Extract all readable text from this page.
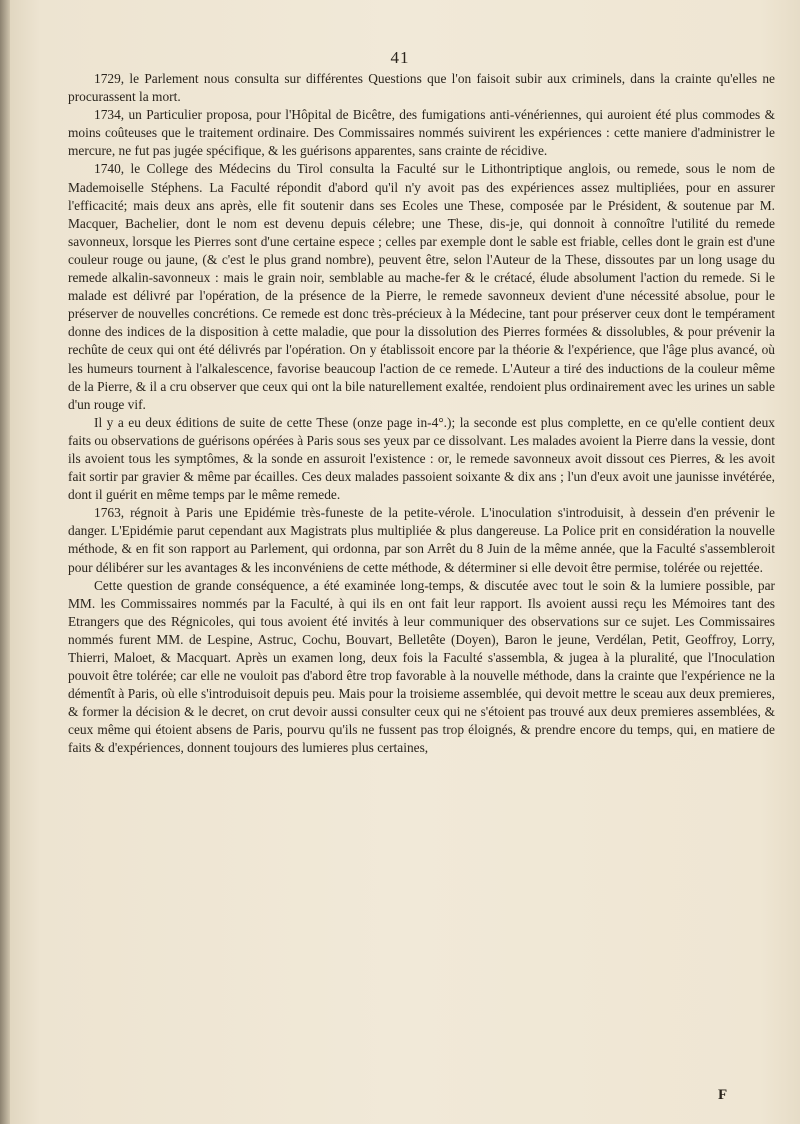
41

1729, le Parlement nous consulta sur différentes Questions que l'on faisoit subir aux criminels, dans la crainte qu'elles ne procurassent la mort.

1734, un Particulier proposa, pour l'Hôpital de Bicêtre, des fumigations anti-vénériennes, qui auroient été plus commodes & moins coûteuses que le traitement ordinaire. Des Commissaires nommés suivirent les expériences : cette maniere d'administrer le mercure, ne fut pas jugée spécifique, & les guérisons apparentes, sans crainte de récidive.

1740, le College des Médecins du Tirol consulta la Faculté sur le Lithontriptique anglois, ou remede, sous le nom de Mademoiselle Stéphens. La Faculté répondit d'abord qu'il n'y avoit pas des expériences assez multipliées, pour en assurer l'efficacité; mais deux ans après, elle fit soutenir dans ses Ecoles une These, composée par le Président, & soutenue par M. Macquer, Bachelier, dont le nom est devenu depuis célebre; une These, dis-je, qui donnoit à connoître l'utilité du remede savonneux, lorsque les Pierres sont d'une certaine espece ; celles par exemple dont le sable est friable, celles dont le grain est d'une couleur rouge ou jaune, (& c'est le plus grand nombre), peuvent être, selon l'Auteur de la These, dissoutes par un long usage du remede alkalin-savonneux : mais le grain noir, semblable au mache-fer & le crétacé, élude absolument l'action du remede. Si le malade est délivré par l'opération, de la présence de la Pierre, le remede savonneux devient d'une nécessité absolue, pour le préserver de nouvelles concrétions. Ce remede est donc très-précieux à la Médecine, tant pour préserver ceux dont le tempérament donne des indices de la disposition à cette maladie, que pour la dissolution des Pierres formées & dissolubles, & pour prévenir la rechûte de ceux qui ont été délivrés par l'opération. On y établissoit encore par la théorie & l'expérience, que l'âge plus avancé, où les humeurs tournent à l'alkalescence, favorise beaucoup l'action de ce remede. L'Auteur a tiré des inductions de la couleur même de la Pierre, & il a cru observer que ceux qui ont la bile naturellement exaltée, rendoient plus ordinairement avec les urines un sable d'un rouge vif.

Il y a eu deux éditions de suite de cette These (onze page in-4°.); la seconde est plus complette, en ce qu'elle contient deux faits ou observations de guérisons opérées à Paris sous ses yeux par ce dissolvant. Les malades avoient la Pierre dans la vessie, dont ils avoient tous les symptômes, & la sonde en assuroit l'existence : or, le remede savonneux avoit dissout ces Pierres, & les avoit fait sortir par gravier & même par écailles. Ces deux malades passoient soixante & dix ans ; l'un d'eux avoit une jaunisse invétérée, dont il guérit en même temps par le même remede.

1763, régnoit à Paris une Epidémie très-funeste de la petite-vérole. L'inoculation s'introduisit, à dessein d'en prévenir le danger. L'Epidémie parut cependant aux Magistrats plus multipliée & plus dangereuse. La Police prit en considération la nouvelle méthode, & en fit son rapport au Parlement, qui ordonna, par son Arrêt du 8 Juin de la même année, que la Faculté s'assembleroit pour délibérer sur les avantages & les inconvéniens de cette méthode, & déterminer si elle devoit être permise, tolérée ou rejettée.

Cette question de grande conséquence, a été examinée long-temps, & discutée avec tout le soin & la lumiere possible, par MM. les Commissaires nommés par la Faculté, à qui ils en ont fait leur rapport. Ils avoient aussi reçu les Mémoires tant des Etrangers que des Régnicoles, qui tous avoient été invités à leur communiquer des observations sur ce sujet. Les Commissaires nommés furent MM. de Lespine, Astruc, Cochu, Bouvart, Belletête (Doyen), Baron le jeune, Verdélan, Petit, Geoffroy, Lorry, Thierri, Maloet, & Macquart. Après un examen long, deux fois la Faculté s'assembla, & jugea à la pluralité, que l'Inoculation pouvoit être tolérée; car elle ne vouloit pas d'abord être trop favorable à la nouvelle méthode, dans la crainte que l'expérience ne la démentît à Paris, où elle s'introduisoit depuis peu. Mais pour la troisieme assemblée, qui devoit mettre le sceau aux deux premieres, & former la décision & le decret, on crut devoir aussi consulter ceux qui ne s'étoient pas trouvé aux deux premieres assemblées, & ceux même qui étoient absens de Paris, pourvu qu'ils ne fussent pas trop éloignés, & prendre encore du temps, qui, en matiere de faits & d'expériences, donnent toujours des lumieres plus certaines,

F
